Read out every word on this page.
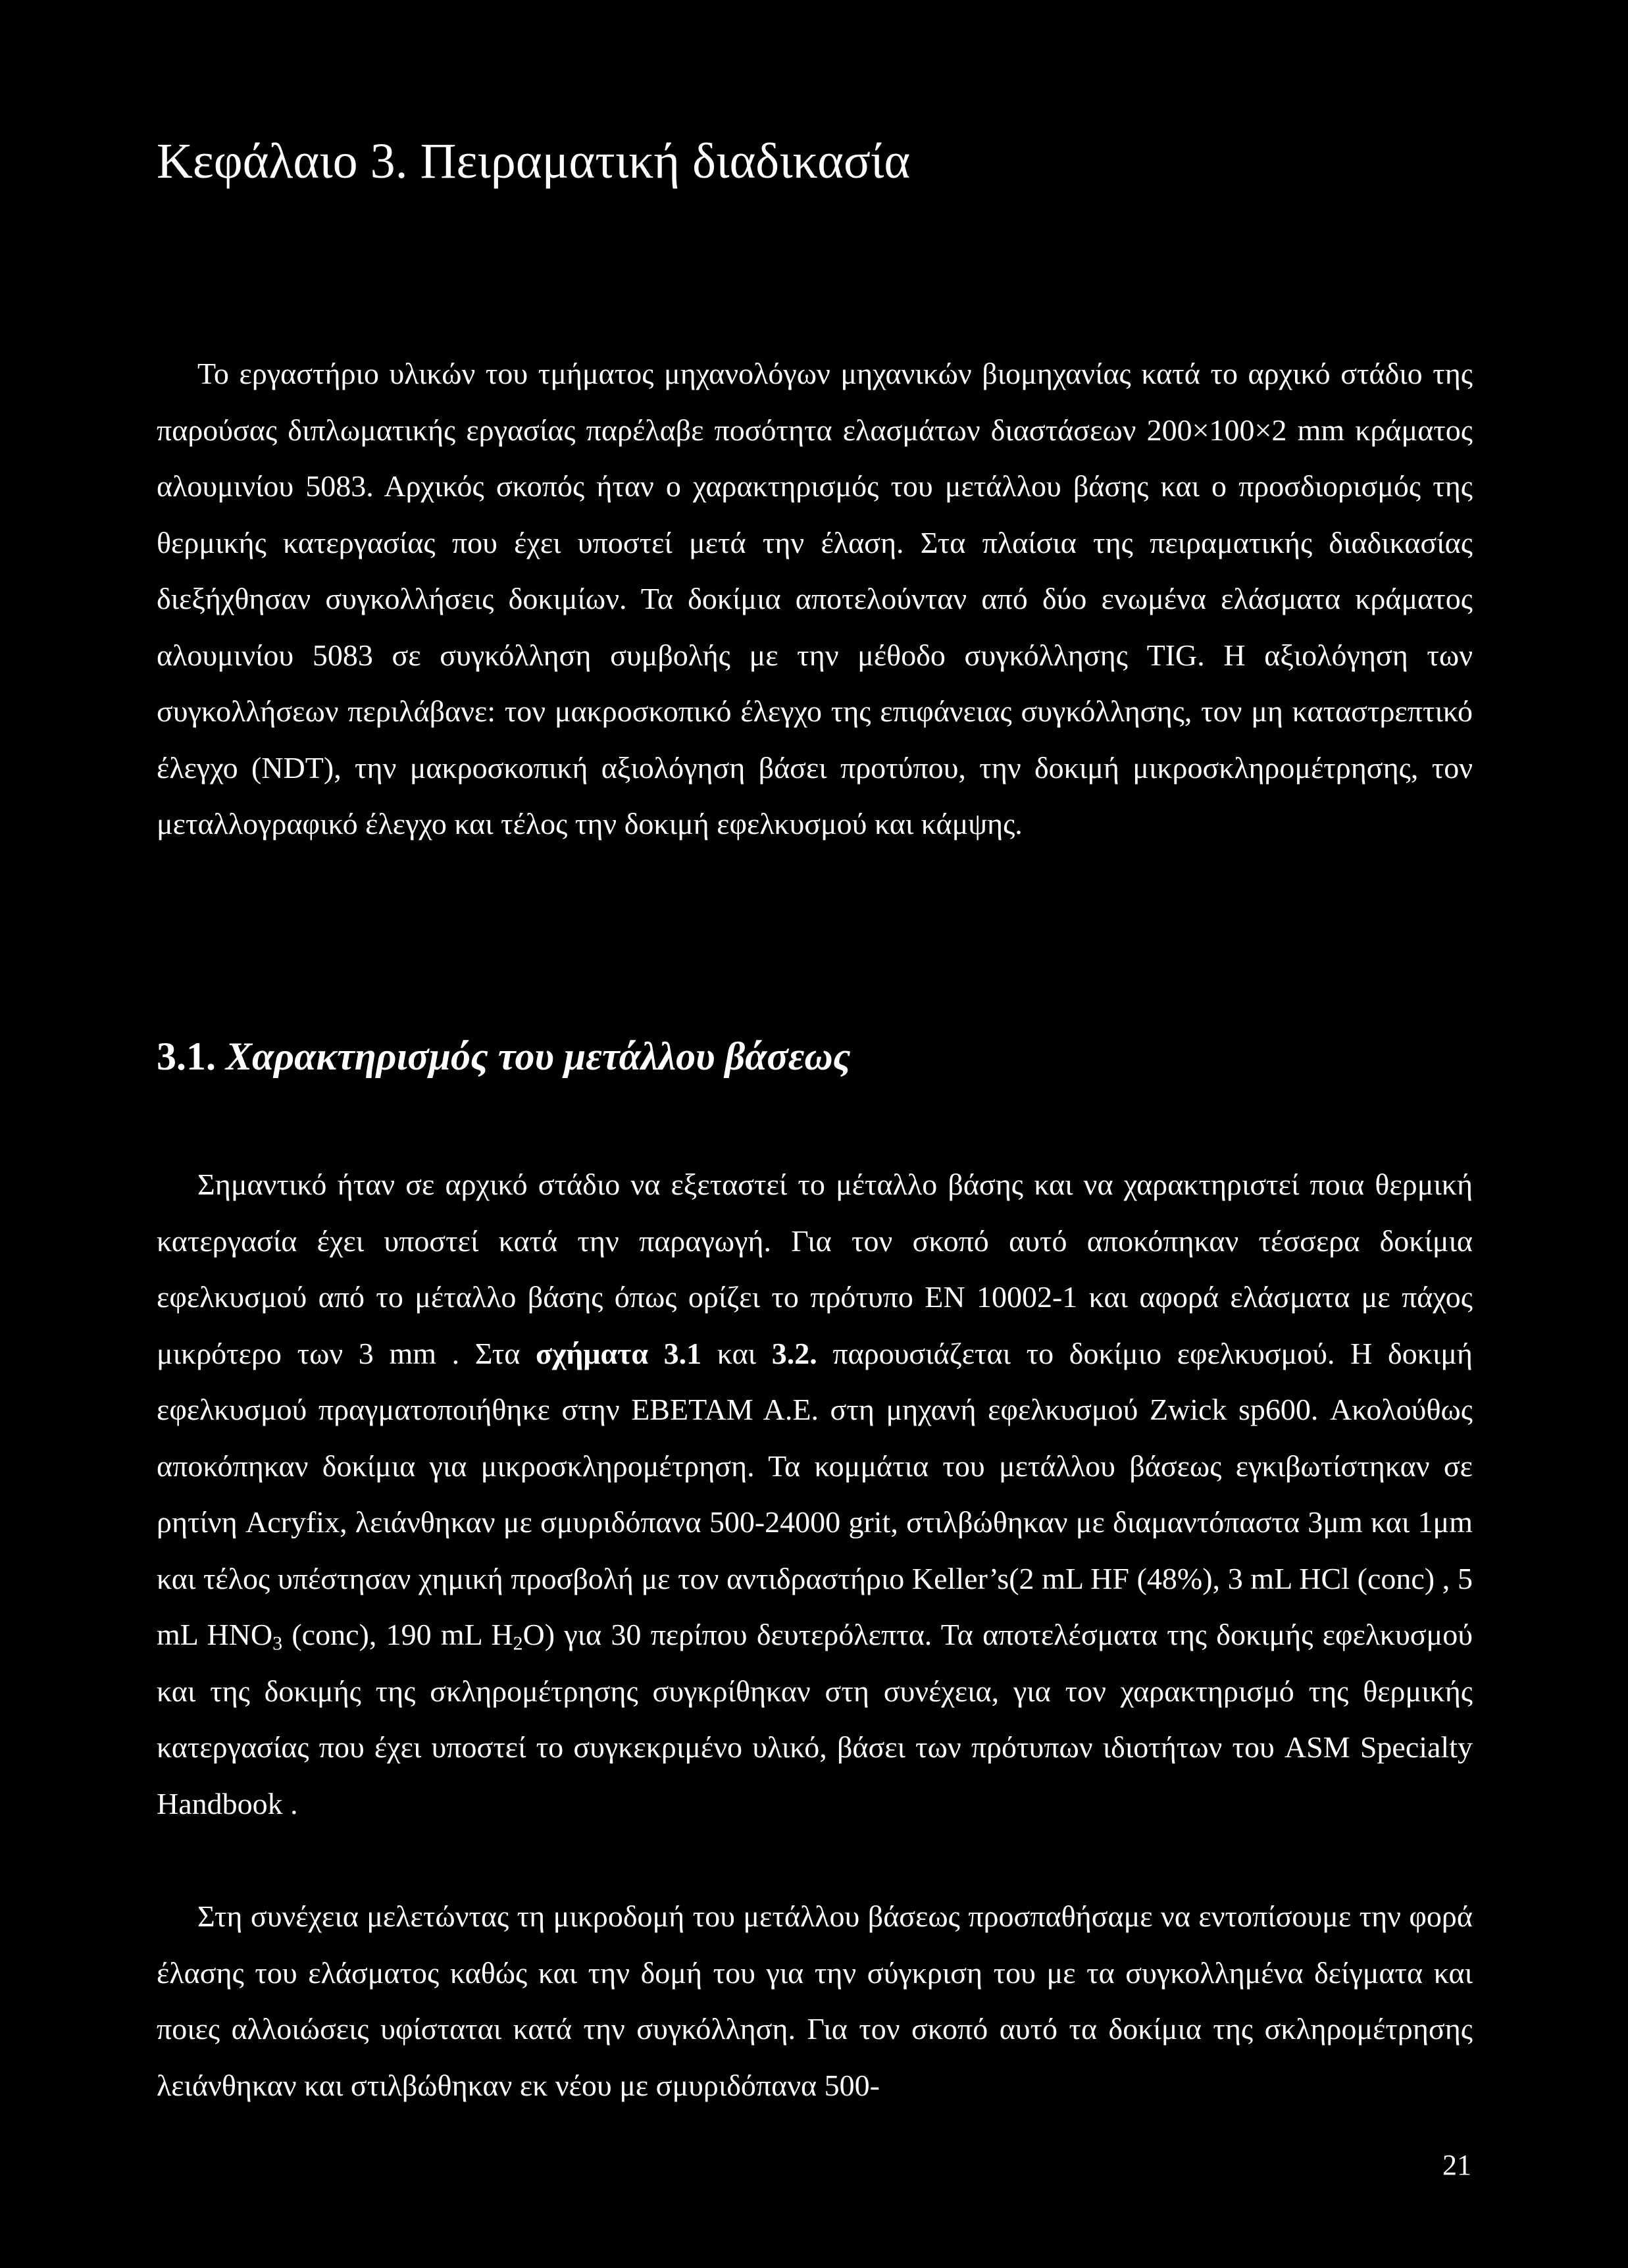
Κεφάλαιο 3. Πειραματική διαδικασία

Το εργαστήριο υλικών του τμήματος μηχανολόγων μηχανικών βιομηχανίας κατά το αρχικό στάδιο της παρούσας διπλωματικής εργασίας παρέλαβε ποσότητα ελασμάτων διαστάσεων 200×100×2 mm κράματος αλουμινίου 5083. Αρχικός σκοπός ήταν ο χαρακτηρισμός του μετάλλου βάσης και ο προσδιορισμός της θερμικής κατεργασίας που έχει υποστεί μετά την έλαση. Στα πλαίσια της πειραματικής διαδικασίας διεξήχθησαν συγκολλήσεις δοκιμίων. Τα δοκίμια αποτελούνταν από δύο ενωμένα ελάσματα κράματος αλουμινίου 5083 σε συγκόλληση συμβολής με την μέθοδο συγκόλλησης TIG. Η αξιολόγηση των συγκολλήσεων περιλάβανε: τον μακροσκοπικό έλεγχο της επιφάνειας συγκόλλησης, τον μη καταστρεπτικό έλεγχο (NDT), την μακροσκοπική αξιολόγηση βάσει προτύπου, την δοκιμή μικροσκληρομέτρησης, τον μεταλλογραφικό έλεγχο και τέλος την δοκιμή εφελκυσμού και κάμψης.

3.1. Χαρακτηρισμός του μετάλλου βάσεως

Σημαντικό ήταν σε αρχικό στάδιο να εξεταστεί το μέταλλο βάσης και να χαρακτηριστεί ποια θερμική κατεργασία έχει υποστεί κατά την παραγωγή. Για τον σκοπό αυτό αποκόπηκαν τέσσερα δοκίμια εφελκυσμού από το μέταλλο βάσης όπως ορίζει το πρότυπο EN 10002-1 και αφορά ελάσματα με πάχος μικρότερο των 3 mm . Στα σχήματα 3.1 και 3.2. παρουσιάζεται το δοκίμιο εφελκυσμού. Η δοκιμή εφελκυσμού πραγματοποιήθηκε στην ΕΒΕΤΑΜ Α.Ε. στη μηχανή εφελκυσμού Zwick sp600. Ακολούθως αποκόπηκαν δοκίμια για μικροσκληρομέτρηση. Τα κομμάτια του μετάλλου βάσεως εγκιβωτίστηκαν σε ρητίνη Acryfix, λειάνθηκαν με σμυριδόπανα 500-24000 grit, στιλβώθηκαν με διαμαντόπαστα 3μm και 1μm και τέλος υπέστησαν χημική προσβολή με τον αντιδραστήριο Keller’s(2 mL HF (48%), 3 mL HCl (conc) , 5 mL $HNO_3$ (conc), 190 mL $H_2O$) για 30 περίπου δευτερόλεπτα. Τα αποτελέσματα της δοκιμής εφελκυσμού και της δοκιμής της σκληρομέτρησης συγκρίθηκαν στη συνέχεια, για τον χαρακτηρισμό της θερμικής κατεργασίας που έχει υποστεί το συγκεκριμένο υλικό, βάσει των πρότυπων ιδιοτήτων του ASM Specialty Handbook .

Στη συνέχεια μελετώντας τη μικροδομή του μετάλλου βάσεως προσπαθήσαμε να εντοπίσουμε την φορά έλασης του ελάσματος καθώς και την δομή του για την σύγκριση του με τα συγκολλημένα δείγματα και ποιες αλλοιώσεις υφίσταται κατά την συγκόλληση. Για τον σκοπό αυτό τα δοκίμια της σκληρομέτρησης λειάνθηκαν και στιλβώθηκαν εκ νέου με σμυριδόπανα 500-

21
